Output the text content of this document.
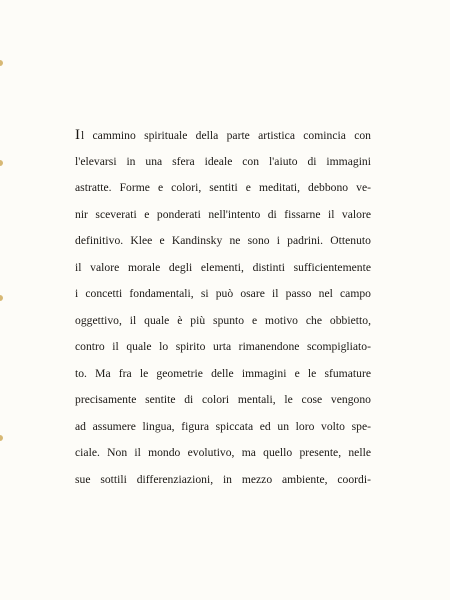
Il cammino spirituale della parte artistica comincia con
l'elevarsi in una sfera ideale con l'aiuto di immagini
astratte. Forme e colori, sentiti e meditati, debbono ve-
nir sceverati e ponderati nell'intento di fissarne il valore
definitivo. Klee e Kandinsky ne sono i padrini. Ottenuto
il valore morale degli elementi, distinti sufficientemente
i concetti fondamentali, si può osare il passo nel campo
oggettivo, il quale è più spunto e motivo che obbietto,
contro il quale lo spirito urta rimanendone scompigliato-
to. Ma fra le geometrie delle immagini e le sfumature
precisamente sentite di colori mentali, le cose vengono
ad assumere lingua, figura spiccata ed un loro volto spe-
ciale. Non il mondo evolutivo, ma quello presente, nelle
sue sottili differenziazioni, in mezzo ambiente, coordi-
